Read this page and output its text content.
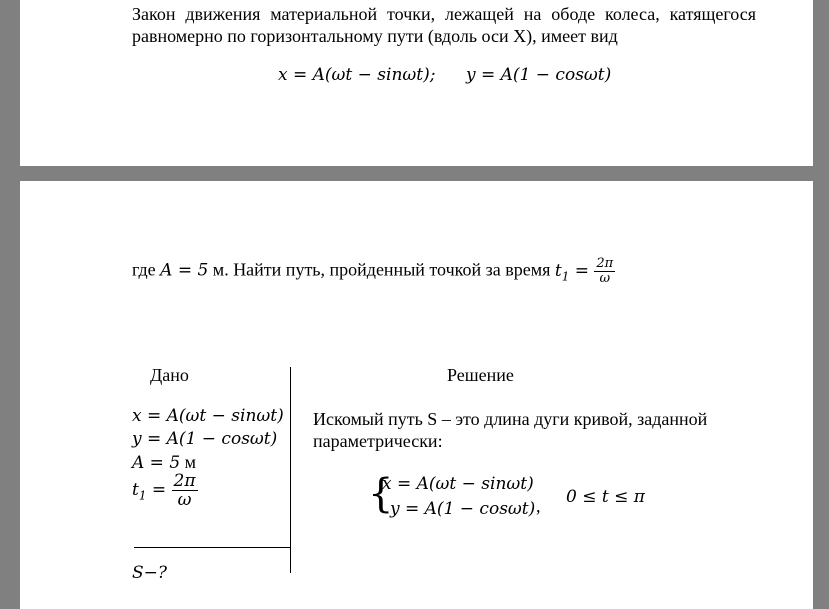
Закон движения материальной точки, лежащей на ободе колеса, катящегося
равномерно по горизонтальному пути (вдоль оси X), имеет вид
x = A(ωt − sinωt); y = A(1 − cosωt)
где A = 5 м. Найти путь, пройденный точкой за время $t_1 = \frac{2\pi}{\omega}$
Дано	Решение
x = A(ωt − sinωt)
y = A(1 − cosωt)
A = 5 м
$t_1 = \frac{2\pi}{\omega}$
S−?
Искомый путь S – это длина дуги кривой, заданной
параметрически:
{
x = A(ωt − sinωt)
y = A(1 − cosωt) , 0 ≤ t ≤ π
